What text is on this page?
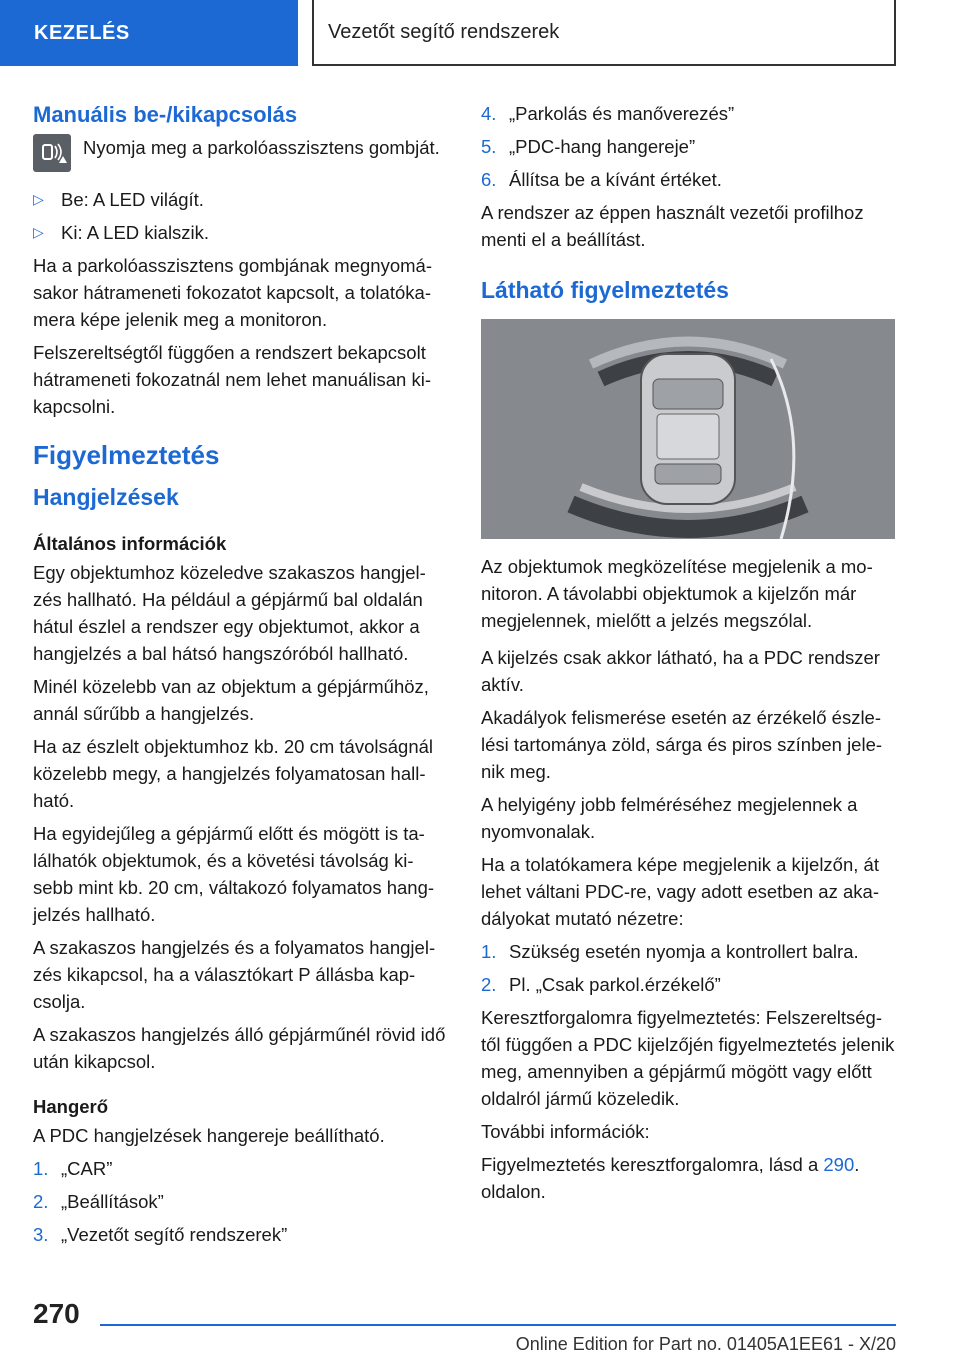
KEZELÉS	Vezetőt segítő rendszerek
Manuális be-/kikapcsolás

Nyomja meg a parkolóasszisztens gombját.

▷ Be: A LED világít.
▷ Ki: A LED kialszik.

Ha a parkolóasszisztens gombjának megnyomásakor hátrameneti fokozatot kapcsolt, a tolatókamera képe jelenik meg a monitoron.

Felszereltségtől függően a rendszert bekapcsolt hátrameneti fokozatnál nem lehet manuálisan kikapcsolni.

Figyelmeztetés
Hangjelzések
Általános információk

Egy objektumhoz közeledve szakaszos hangjelzés hallható. Ha például a gépjármű bal oldalán hátul észlel a rendszer egy objektumot, akkor a hangjelzés a bal hátsó hangszóróból hallható.

Minél közelebb van az objektum a gépjárműhöz, annál sűrűbb a hangjelzés.

Ha az észlelt objektumhoz kb. 20 cm távolságnál közelebb megy, a hangjelzés folyamatosan hallható.

Ha egyidejűleg a gépjármű előtt és mögött is találhatók objektumok, és a követési távolság kisebb mint kb. 20 cm, váltakozó folyamatos hangjelzés hallható.

A szakaszos hangjelzés és a folyamatos hangjelzés kikapcsol, ha a választókart P állásba kapcsolja.

A szakaszos hangjelzés álló gépjárműnél rövid idő után kikapcsol.

Hangerő

A PDC hangjelzések hangereje beállítható.

1. „CAR”
2. „Beállítások”
3. „Vezetőt segítő rendszerek”
4. „Parkolás és manőverezés”
5. „PDC-hang hangereje”
6. Állítsa be a kívánt értéket.

A rendszer az éppen használt vezetői profilhoz menti el a beállítást.

Látható figyelmeztetés

Az objektumok megközelítése megjelenik a monitoron. A távolabbi objektumok a kijelzőn már megjelennek, mielőtt a jelzés megszólal.

A kijelzés csak akkor látható, ha a PDC rendszer aktív.

Akadályok felismerése esetén az érzékelő észlelési tartománya zöld, sárga és piros színben jelenik meg.

A helyigény jobb felméréséhez megjelennek a nyomvonalak.

Ha a tolatókamera képe megjelenik a kijelzőn, át lehet váltani PDC-re, vagy adott esetben az akadályokat mutató nézetre:

1. Szükség esetén nyomja a kontrollert balra.
2. Pl. „Csak parkol.érzékelő”

Keresztforgalomra figyelmeztetés: Felszereltségtől függően a PDC kijelzőjén figyelmeztetés jelenik meg, amennyiben a gépjármű mögött vagy előtt oldalról jármű közeledik.

További információk:

Figyelmeztetés keresztforgalomra, lásd a 290.
oldalon.

270
Online Edition for Part no. 01405A1EE61 - X/20
